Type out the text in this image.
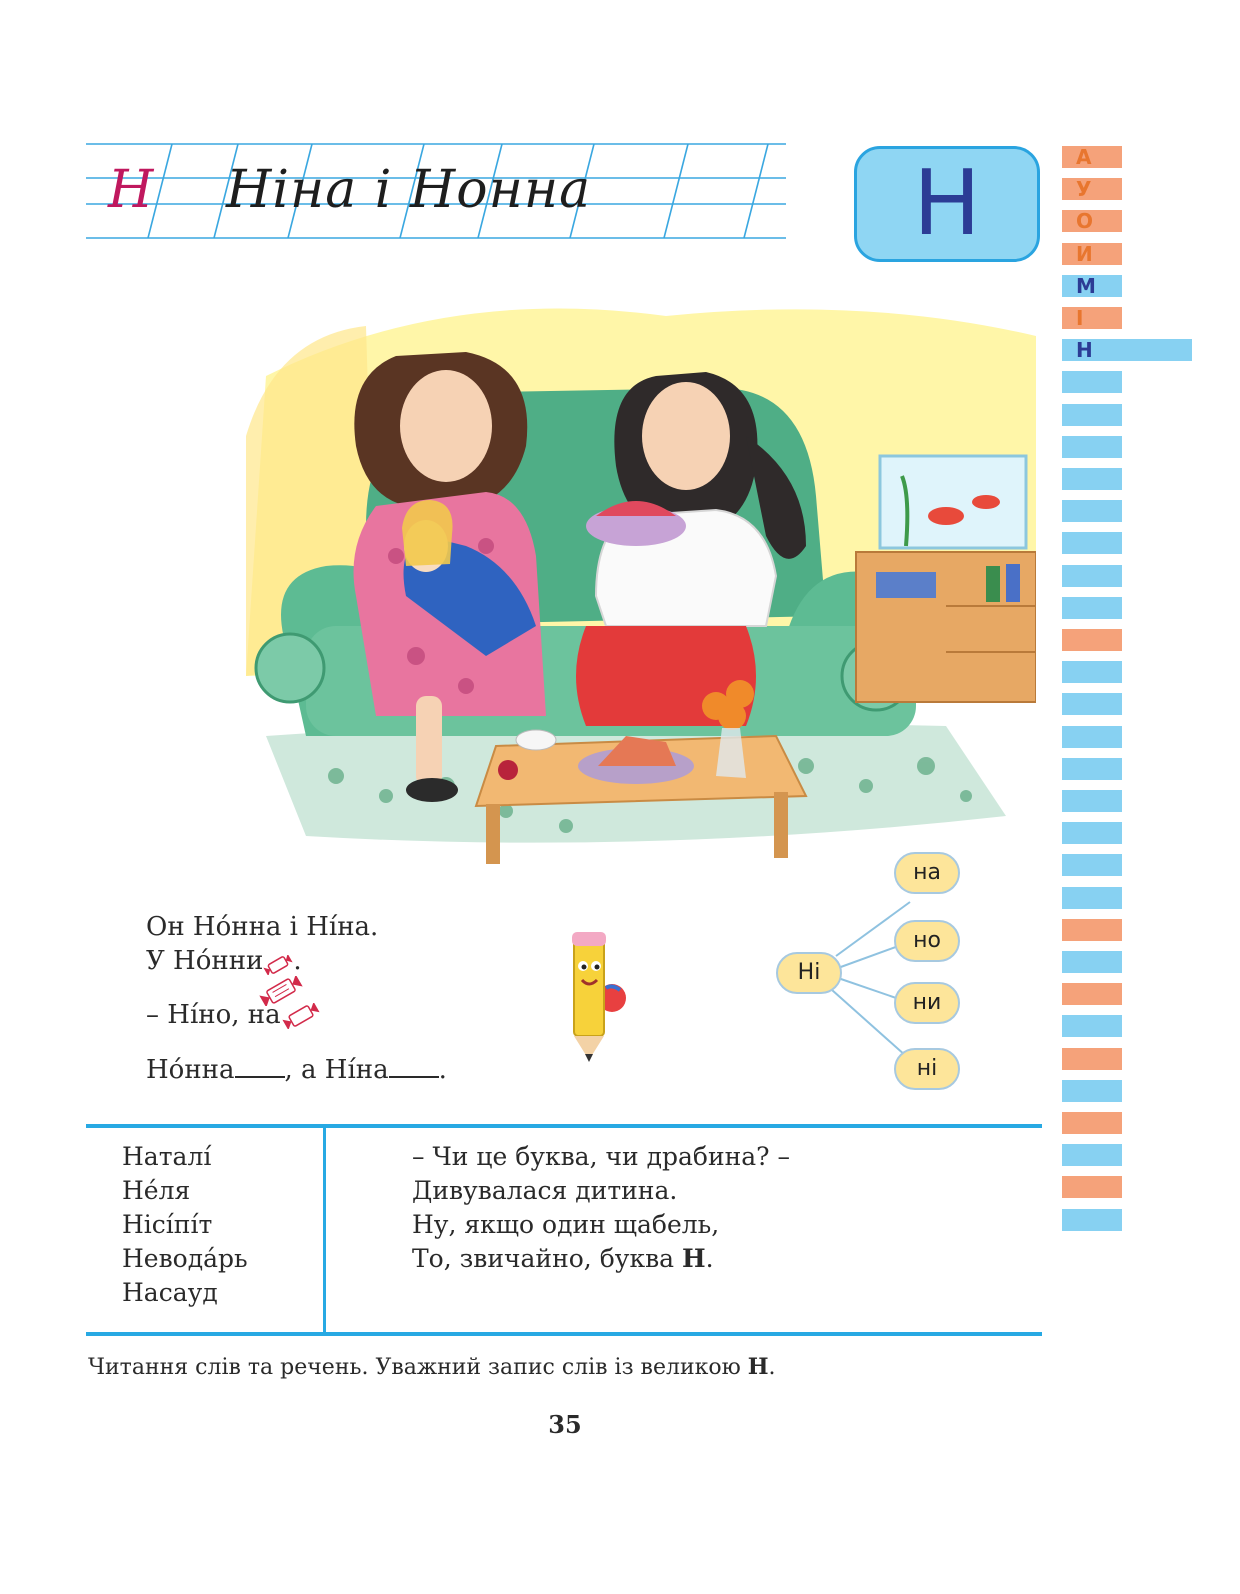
Н Ніна і Нонна	Н	А
У
О
И
М
І
Н
Он Но́нна і Ні́на.
У Но́нни .
– Ні́но, на
Но́нна , а Ні́на .
Ні
на
но
ни
ні
Наталі́
Не́ля
Нісі́пі́т
Невода́рь
Насауд
– Чи це буква, чи драбина? –
Дивувалася дитина.
Ну, якщо один щабель,
То, звичайно, буква Н.
Читання слів та речень. Уважний запис слів із великою Н.
35
